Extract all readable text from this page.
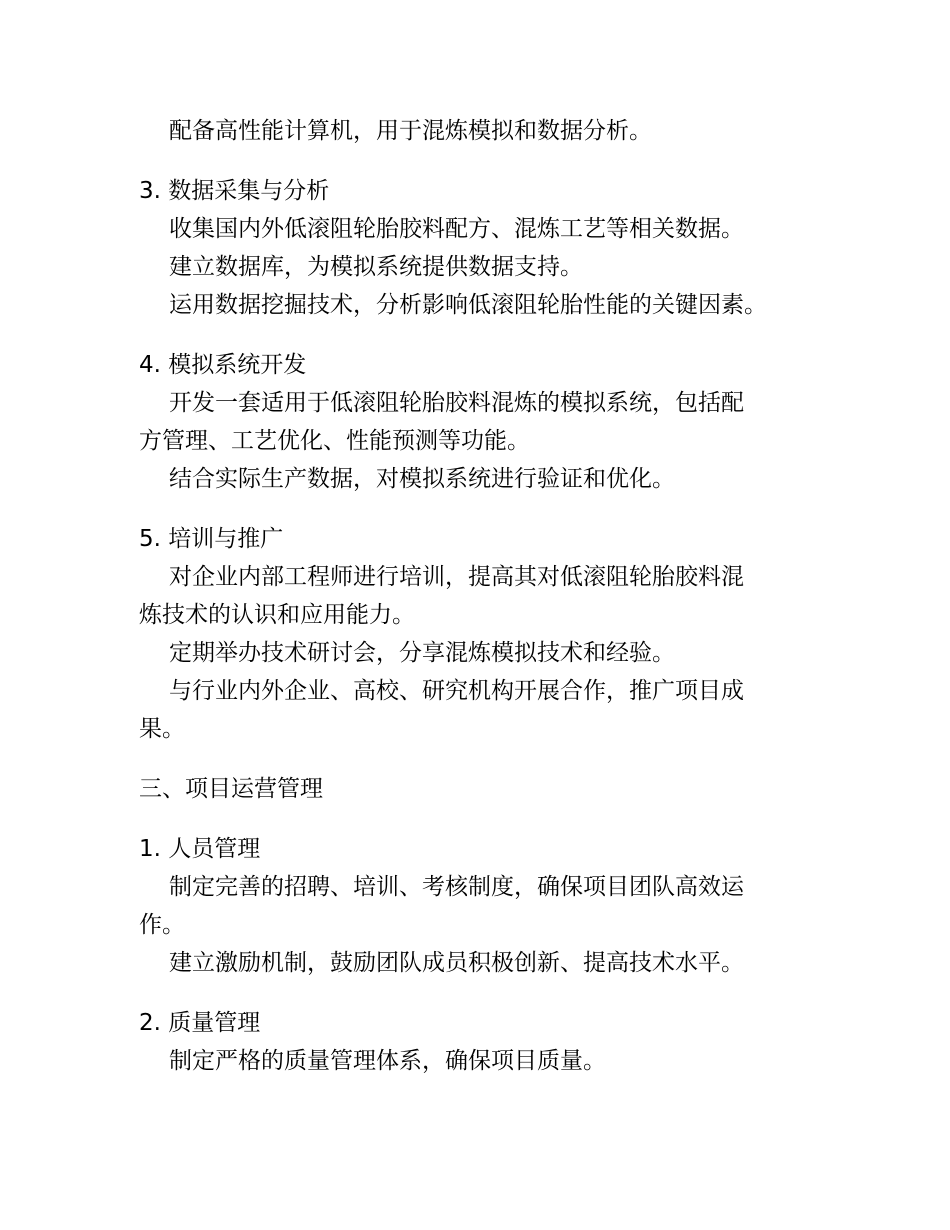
配备高性能计算机，用于混炼模拟和数据分析。

3. 数据采集与分析

收集国内外低滚阻轮胎胶料配方、混炼工艺等相关数据。

建立数据库，为模拟系统提供数据支持。

运用数据挖掘技术，分析影响低滚阻轮胎性能的关键因素。

4. 模拟系统开发

开发一套适用于低滚阻轮胎胶料混炼的模拟系统，包括配

方管理、工艺优化、性能预测等功能。

结合实际生产数据，对模拟系统进行验证和优化。

5. 培训与推广

对企业内部工程师进行培训，提高其对低滚阻轮胎胶料混

炼技术的认识和应用能力。

定期举办技术研讨会，分享混炼模拟技术和经验。

与行业内外企业、高校、研究机构开展合作，推广项目成

果。

三、项目运营管理

1. 人员管理

制定完善的招聘、培训、考核制度，确保项目团队高效运

作。

建立激励机制，鼓励团队成员积极创新、提高技术水平。

2. 质量管理

制定严格的质量管理体系，确保项目质量。
